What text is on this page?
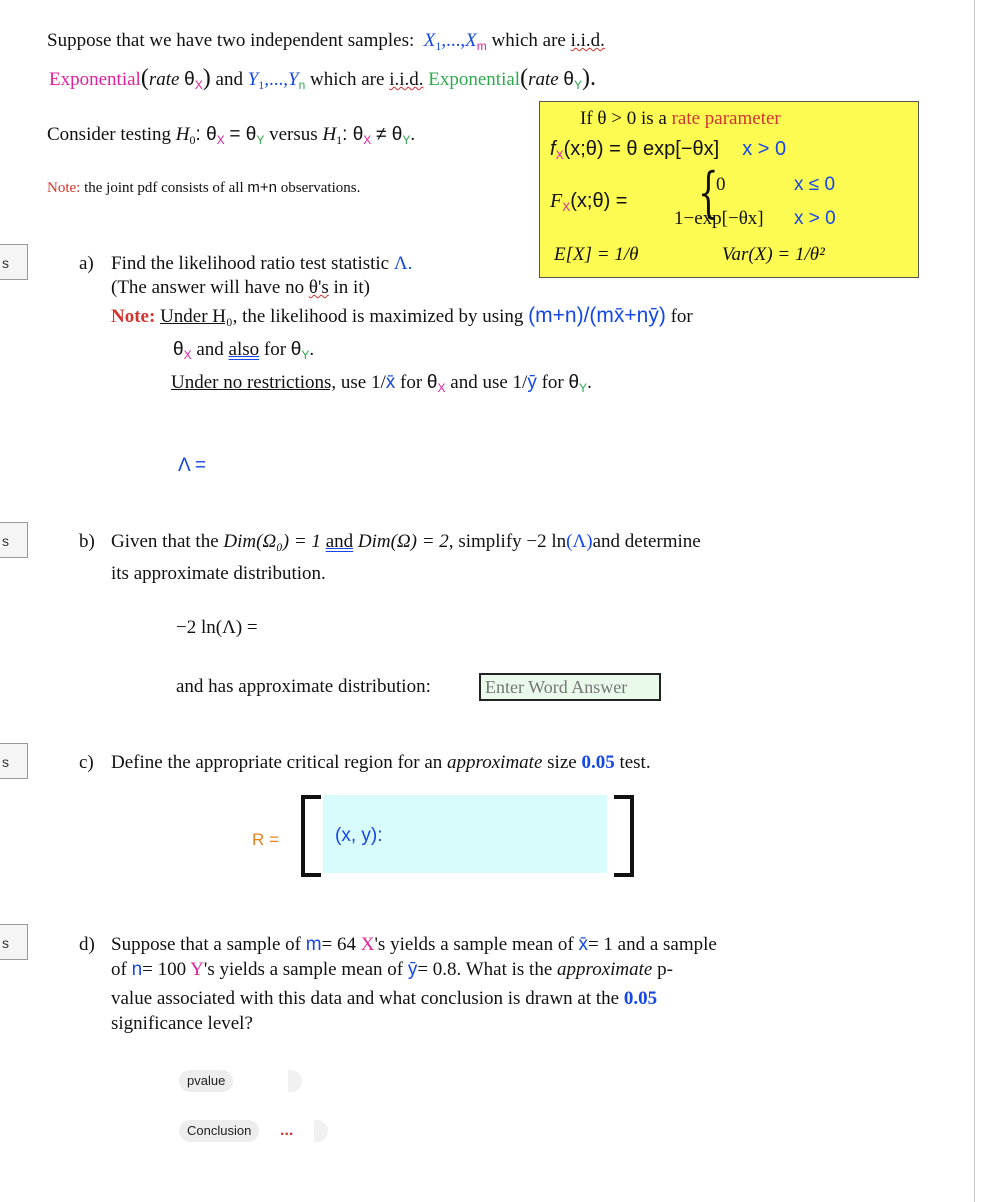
Suppose that we have two independent samples: $X_1,...,X_m$ which are i.i.d.
Exponential(rate $\theta_X$) and $Y_1,...,Y_n$ which are i.i.d. Exponential(rate $\theta_Y$).
Consider testing $H_0$: $\theta_X = \theta_Y$ versus $H_1$: $\theta_X \ne \theta_Y$.
Note: the joint pdf consists of all m+n observations.
If θ > 0 is a rate parameter
$f_X(x;\theta) = \theta$ exp[−θx] x > 0
$F_X(x;\theta)$ = {
0	x ≤ 0
1−exp[−θx] x > 0
E[X] = 1/θ	Var(X) = 1/θ²
s	a) Find the likelihood ratio test statistic Λ.
(The answer will have no θ's in it)
Note: Under H₀, the likelihood is maximized by using (m+n)/(mx̄+nȳ) for
$\theta_X$ and also for $\theta_Y$.
Under no restrictions, use 1/x̄ for $\theta_X$ and use 1/ȳ for $\theta_Y$.
Λ =
s	b) Given that the Dim(Ω₀) = 1 and Dim(Ω) = 2, simplify −2 ln(Λ)and determine
its approximate distribution.
−2 ln(Λ) =
and has approximate distribution:
Enter Word Answer
s	c) Define the appropriate critical region for an approximate size 0.05 test.
R =	(x, y):
s	d) Suppose that a sample of m= 64 X's yields a sample mean of x̄= 1 and a sample
of n= 100 Y's yields a sample mean of ȳ= 0.8. What is the approximate p-
value associated with this data and what conclusion is drawn at the 0.05
significance level?
pvalue
Conclusion	...
